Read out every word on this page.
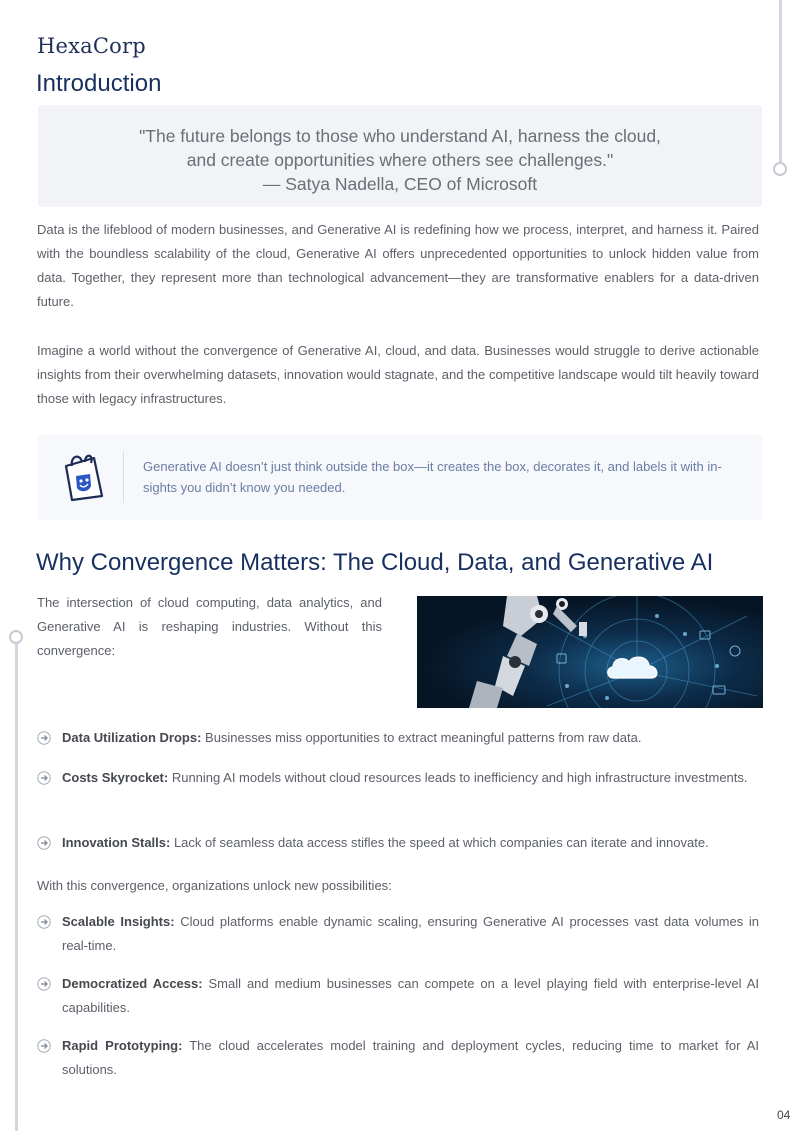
HexaCorp
Introduction
"The future belongs to those who understand AI, harness the cloud,
and create opportunities where others see challenges."
— Satya Nadella, CEO of Microsoft
Data is the lifeblood of modern businesses, and Generative AI is redefining how we process, interpret, and harness it. Paired with the boundless scalability of the cloud, Generative AI offers unprecedented opportunities to unlock hidden value from data. Together, they represent more than technological advancement—they are transformative enablers for a data-driven future.
Imagine a world without the convergence of Generative AI, cloud, and data. Businesses would struggle to derive actionable insights from their overwhelming datasets, innovation would stagnate, and the competitive landscape would tilt heavily toward those with legacy infrastructures.
Generative AI doesn’t just think outside the box—it creates the box, decorates it, and labels it with in-
sights you didn’t know you needed.
Why Convergence Matters: The Cloud, Data, and Generative AI
The intersection of cloud computing, data analytics, and Generative AI is reshaping industries. Without this convergence:
Data Utilization Drops: Businesses miss opportunities to extract meaningful patterns from raw data.
Costs Skyrocket: Running AI models without cloud resources leads to inefficiency and high infrastructure investments.
Innovation Stalls: Lack of seamless data access stifles the speed at which companies can iterate and innovate.
With this convergence, organizations unlock new possibilities:
Scalable Insights: Cloud platforms enable dynamic scaling, ensuring Generative AI processes vast data volumes in real-time.
Democratized Access: Small and medium businesses can compete on a level playing field with enterprise-level AI capabilities.
Rapid Prototyping: The cloud accelerates model training and deployment cycles, reducing time to market for AI solutions.
04
